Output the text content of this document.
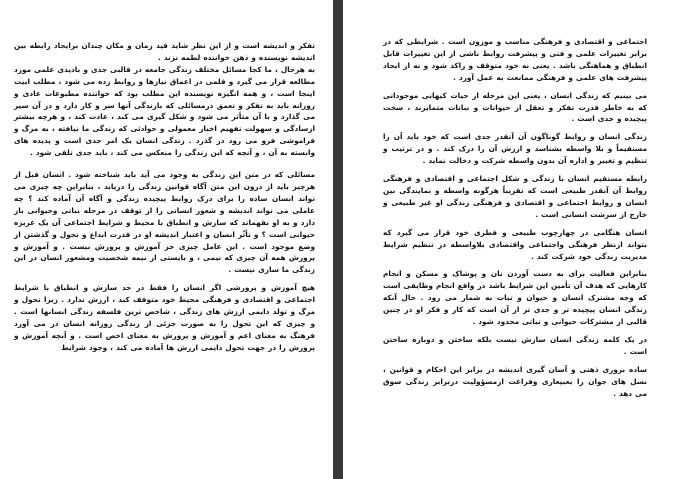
تفکر و اندیشه است و از این نظر شاید قید زمان و مکان چندان برایجاد رابطه بین اندیشه نویسنده و ذهن خواننده لطمه نزند .

به هرحال ، ما کجا مسائل مختلف زندگی جامعه در قالبی جدی و بادیدی علمی مورد مطالعه قرار می گیرد و قلمی در اعماق نیازها و روابط زده می شود ، مطلب ابیت اینجا است ، و همه انگیزه نویسنده این مطلب بود که خواننده مطبوعات عادی و روزانه باید به تفکر و تعمق درمسائلی که بازندگی آنها سر و کار دارد و در آن سیر می گذارد و با آن متأثر می شود و شکل گیری می کند ، عادت کند ، و هرچه بیشتر ازسادگی و سهولت تفهیم اخبار معمولی و حوادثی که زندگی ما نیافته ، به مرگ و فراموشی فرو می رود در گذرد . زندگی انسان یک امر جدی است و پدیده های وابسته به آن ، و آنچه که این زندگی را منعکس می کند ، باید جدی تلقی شود .

مسائلی که در متن این زندگی به وجود می آید باید شناخته شود . انسان قبل از هرچیز باید از درون این متن آگاه قوانین زندگی را دریابد ، بنابراین چه چیزی می تواند انسان ساده را برای درک روابط پیچیده زندگی و آگاه آن آماده کند ؟ چه عاملی می تواند اندیشه و شعور انسانی را از توقف در مرحله نباتی وحیوانی باز دارد و به او بفهماند که سازش و انطباق با محیط و شرایط اجتماعی آن یک غریزه حیوانی است ؟ و تأثّر انسان و اعتبار اندیشه او در قدرت ابداع و تحول و گذشتن از وضع موجود است . این عامل چیزی جز آموزش و پرورش نیست . و آموزش و پرورش همه آن چیزی که نیمی ، و بایستی از نیمه شخصیت ومشعور انسان در این زندگی ما سازی نیست .

هیچ آموزش و پرورشی اگر انسان را فقط در حد سازش و انطباق با شرایط اجتماعی و اقتصادی و فرهنگی محیط خود متوقف کند ، ارزش ندارد . زیرا تحول و مرگ و تولد دایمی ارزش های زندگی ، شاخص ترین فلسفه زندگی انسانها است . و چیزی که این تحول را به صورت جزئی از زندگی روزانه انسان در می آورد فرهنگ به معنای اعم و آموزش و پرورش به معنای اخص است . و آنچه آموزش و پرورش را در جهت تحول دایمی ارزش ها آماده می کند ، وجود شرایط

اجتماعی و اقتصادی و فرهنگی مناسب و موزون است . شرایطی که در برابر تغییرات علمی و فنی و پیشرفت روابط ناشی از این تغییرات قابل انطباق و هماهنگی باشد . یعنی نه خود متوقف و راکد شود و نه از ایجاد پیشرفت های علمی و فرهنگی ممانعت به عمل آورد .

می بینیم که زندگی انسان ، یعنی این مرحله از حیات کیهانی موجوداتی که به خاطر قدرت تفکر و تعقل از حیوانات و نباتات متمایزند ، سخت پیچیده و جدی است .

زندگی انسان و روابط گوناگون آن آنقدر جدی است که خود باید آن را مستقیماً و بلا واسطه بشناسد و ارزش آن را درک کند . و در ترتیب و تنظیم و تغییر و اداره آن بدون واسطه شرکت و دخالت نماید .

رابطه مستقیم انسان با زندگی و شکل اجتماعی و اقتصادی و فرهنگی روابط آن آنقدر طبیعی است که تقریباً هرگونه واسطه و نمایندگی بین انسان و روابط اجتماعی و اقتصادی و فرهنگی زندگی او غیر طبیعی و خارج از سرشت انسانی است .

انسان هنگامی در چهارچوب طبیعی و فطری خود قرار می گیرد که بتواند ازنظر فرهنگی واجتماعی واقتصادی بلاواسطه در تنظیم شرایط مدیریت زندگی خود شرکت کند .

بنابراین فعالیت برای به دست آوردن نان و پوشاک و مسکن و انجام کارهایی که هدف آن تأمین این شرایط باشد در واقع انجام وظایفی است که وجه مشترک انسان و حیوان و نبات به شمار می رود . حال آنکه زندگی انسان پیچیده تر و جدی تر از آن است که کار و فکر او در چنین قالبی از مشترکات حیوانی و نباتی محدود شود .

در یک کلمه زندگی انسان سازش نیست بلکه ساختن و دوباره ساختن است .

ساده بروری ذهنی و آسان گیری اندیشه در برابر این احکام و قوانین ، نسل های جوان را بعبیعاری وفراغت ازمسؤولیت دربرابر زندگی سوق می دهد .
